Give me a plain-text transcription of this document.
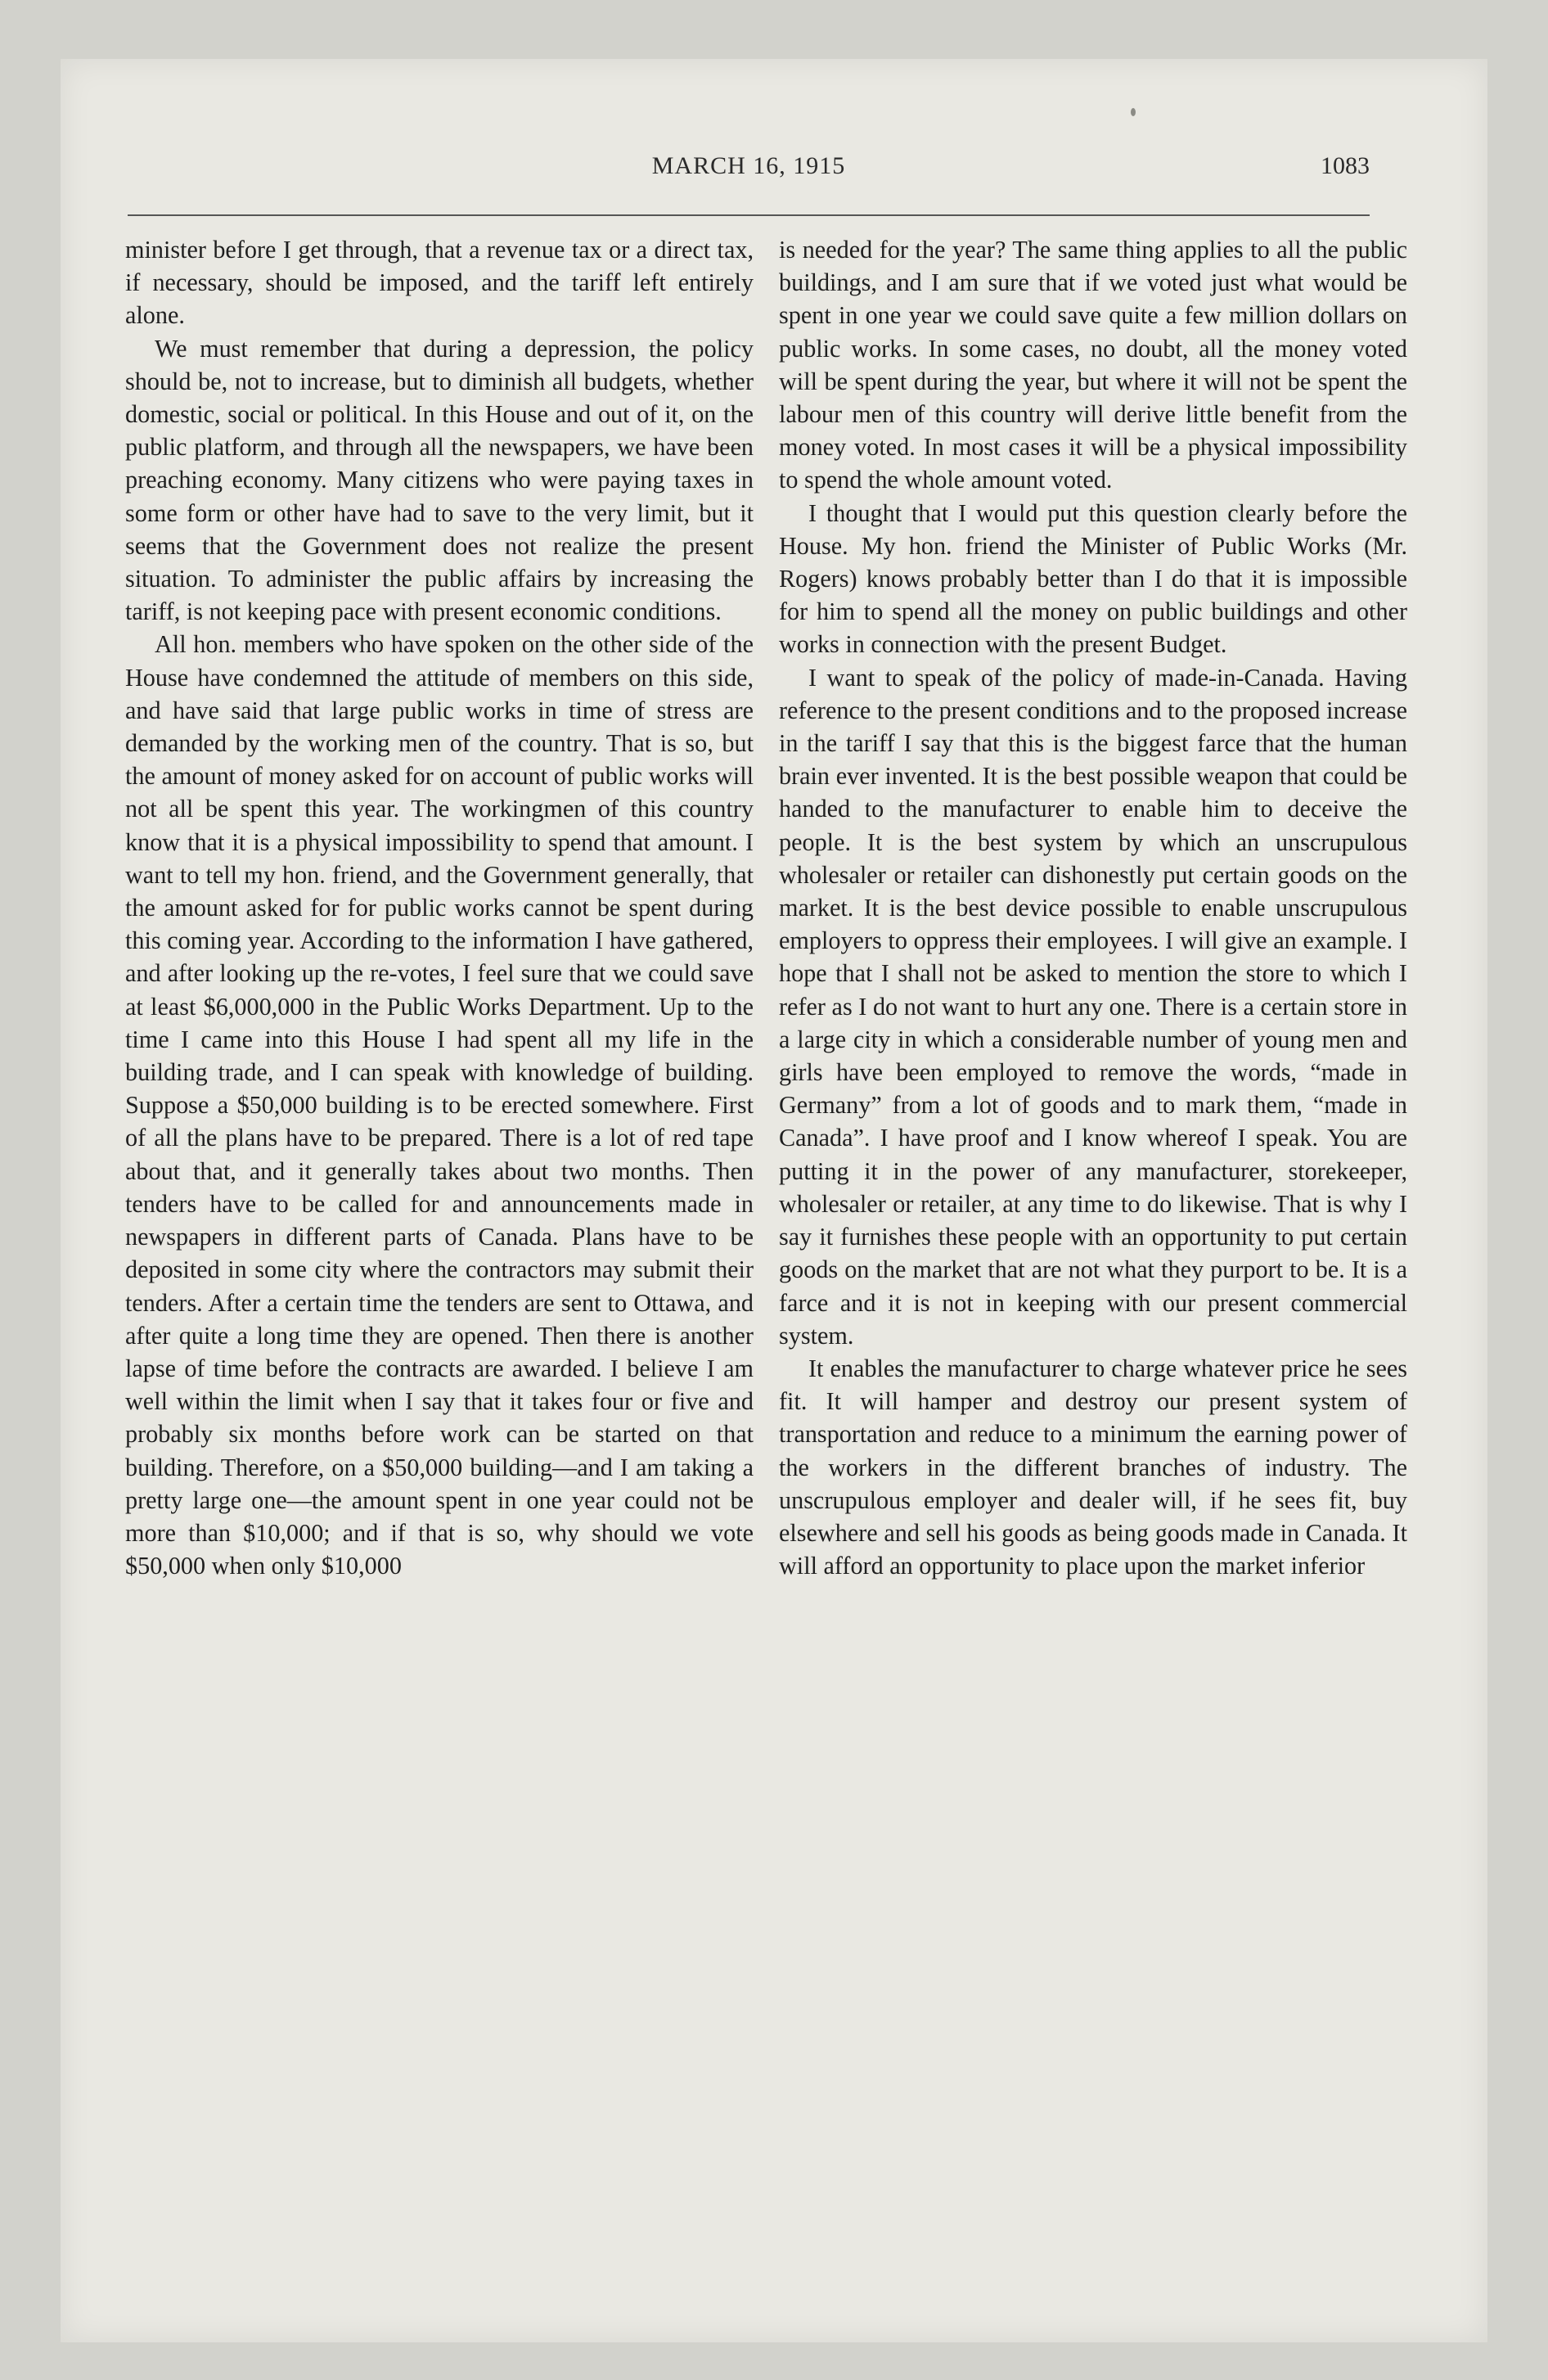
MARCH 16, 1915	1083

minister before I get through, that a revenue tax or a direct tax, if necessary, should be imposed, and the tariff left entirely alone.

We must remember that during a depression, the policy should be, not to increase, but to diminish all budgets, whether domestic, social or political. In this House and out of it, on the public platform, and through all the newspapers, we have been preaching economy. Many citizens who were paying taxes in some form or other have had to save to the very limit, but it seems that the Government does not realize the present situation. To administer the public affairs by increasing the tariff, is not keeping pace with present economic conditions.

All hon. members who have spoken on the other side of the House have condemned the attitude of members on this side, and have said that large public works in time of stress are demanded by the working men of the country. That is so, but the amount of money asked for on account of public works will not all be spent this year. The workingmen of this country know that it is a physical impossibility to spend that amount. I want to tell my hon. friend, and the Government generally, that the amount asked for for public works cannot be spent during this coming year. According to the information I have gathered, and after looking up the re-votes, I feel sure that we could save at least $6,000,000 in the Public Works Department. Up to the time I came into this House I had spent all my life in the building trade, and I can speak with knowledge of building. Suppose a $50,000 building is to be erected somewhere. First of all the plans have to be prepared. There is a lot of red tape about that, and it generally takes about two months. Then tenders have to be called for and announcements made in newspapers in different parts of Canada. Plans have to be deposited in some city where the contractors may submit their tenders. After a certain time the tenders are sent to Ottawa, and after quite a long time they are opened. Then there is another lapse of time before the contracts are awarded. I believe I am well within the limit when I say that it takes four or five and probably six months before work can be started on that building. Therefore, on a $50,000 building—and I am taking a pretty large one—the amount spent in one year could not be more than $10,000; and if that is so, why should we vote $50,000 when only $10,000

is needed for the year? The same thing applies to all the public buildings, and I am sure that if we voted just what would be spent in one year we could save quite a few million dollars on public works. In some cases, no doubt, all the money voted will be spent during the year, but where it will not be spent the labour men of this country will derive little benefit from the money voted. In most cases it will be a physical impossibility to spend the whole amount voted.

I thought that I would put this question clearly before the House. My hon. friend the Minister of Public Works (Mr. Rogers) knows probably better than I do that it is impossible for him to spend all the money on public buildings and other works in connection with the present Budget.

I want to speak of the policy of made-in-Canada. Having reference to the present conditions and to the proposed increase in the tariff I say that this is the biggest farce that the human brain ever invented. It is the best possible weapon that could be handed to the manufacturer to enable him to deceive the people. It is the best system by which an unscrupulous wholesaler or retailer can dishonestly put certain goods on the market. It is the best device possible to enable unscrupulous employers to oppress their employees. I will give an example. I hope that I shall not be asked to mention the store to which I refer as I do not want to hurt any one. There is a certain store in a large city in which a considerable number of young men and girls have been employed to remove the words, “made in Germany” from a lot of goods and to mark them, “made in Canada”. I have proof and I know whereof I speak. You are putting it in the power of any manufacturer, storekeeper, wholesaler or retailer, at any time to do likewise. That is why I say it furnishes these people with an opportunity to put certain goods on the market that are not what they purport to be. It is a farce and it is not in keeping with our present commercial system.

It enables the manufacturer to charge whatever price he sees fit. It will hamper and destroy our present system of transportation and reduce to a minimum the earning power of the workers in the different branches of industry. The unscrupulous employer and dealer will, if he sees fit, buy elsewhere and sell his goods as being goods made in Canada. It will afford an opportunity to place upon the market inferior
